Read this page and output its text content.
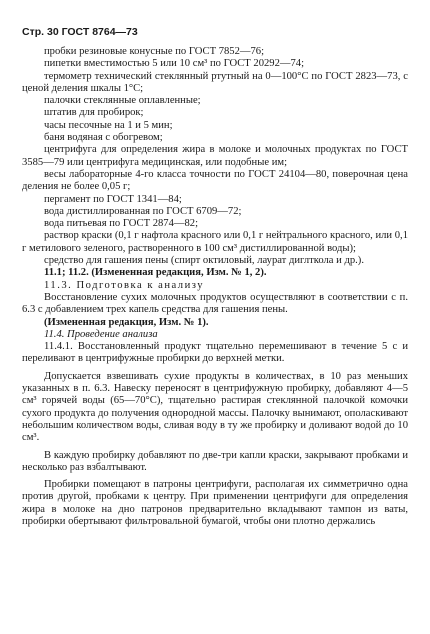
Стр. 30 ГОСТ 8764—73

пробки резиновые конусные по ГОСТ 7852—76;

пипетки вместимостью 5 или 10 см³ по ГОСТ 20292—74;

термометр технический стеклянный ртутный на 0—100°С по ГОСТ 2823—73, с ценой деления шкалы 1°С;

палочки стеклянные оплавленные;

штатив для пробирок;

часы песочные на 1 и 5 мин;

баня водяная с обогревом;

центрифуга для определения жира в молоке и молочных продуктах по ГОСТ 3585—79 или центрифуга медицинская, или подобные им;

весы лабораторные 4-го класса точности по ГОСТ 24104—80, поверочная цена деления не более 0,05 г;

пергамент по ГОСТ 1341—84;

вода дистиллированная по ГОСТ 6709—72;

вода питьевая по ГОСТ 2874—82;

раствор краски (0,1 г нафтола красного или 0,1 г нейтрального красного, или 0,1 г метилового зеленого, растворенного в 100 см³ дистиллированной воды);

средство для гашения пены (спирт октиловый, лаурат диглткола и др.).

11.1; 11.2. (Измененная редакция, Изм. № 1, 2).

11.3. Подготовка к анализу

Восстановление сухих молочных продуктов осуществляют в соответствии с п. 6.3 с добавлением трех капель средства для гашения пены.

(Измененная редакция, Изм. № 1).

11.4. Проведение анализа

11.4.1. Восстановленный продукт тщательно перемешивают в течение 5 с и переливают в центрифужные пробирки до верхней метки.

Допускается взвешивать сухие продукты в количествах, в 10 раз меньших указанных в п. 6.3. Навеску переносят в центрифужную пробирку, добавляют 4—5 см³ горячей воды (65—70°С), тщательно растирая стеклянной палочкой комочки сухого продукта до получения однородной массы. Палочку вынимают, ополаскивают небольшим количеством воды, сливая воду в ту же пробирку и доливают водой до 10 см³.

В каждую пробирку добавляют по две-три капли краски, закрывают пробками и несколько раз взбалтывают.

Пробирки помещают в патроны центрифуги, располагая их симметрично одна против другой, пробками к центру. При применении центрифуги для определения жира в молоке на дно патронов предварительно вкладывают тампон из ваты, пробирки обертывают фильтровальной бумагой, чтобы они плотно держались
